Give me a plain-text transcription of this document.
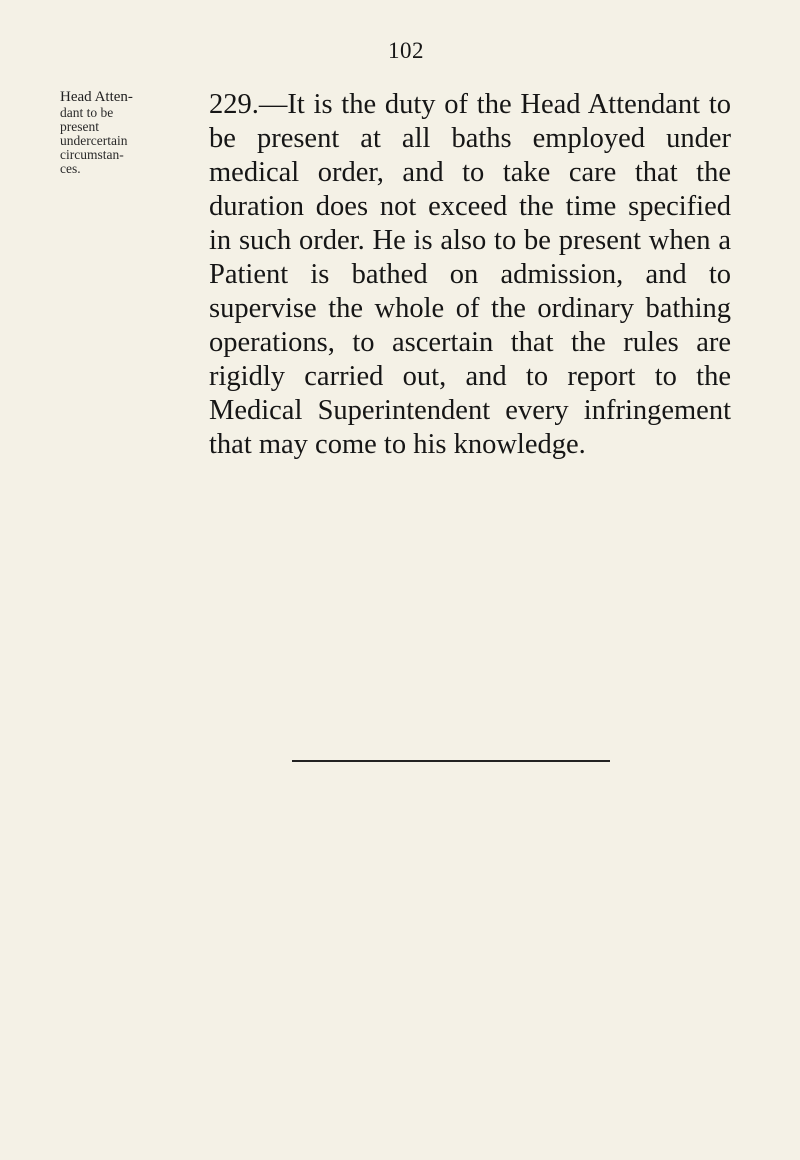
102
Head Atten-
dant to be
present
undercertain
circumstan-
ces.
229.—It is the duty of the Head Attendant to be present at all baths employed under medical order, and to take care that the duration does not exceed the time specified in such order. He is also to be present when a Patient is bathed on admission, and to supervise the whole of the ordinary bathing operations, to ascertain that the rules are rigidly carried out, and to report to the Medical Superintendent every infringement that may come to his knowledge.
